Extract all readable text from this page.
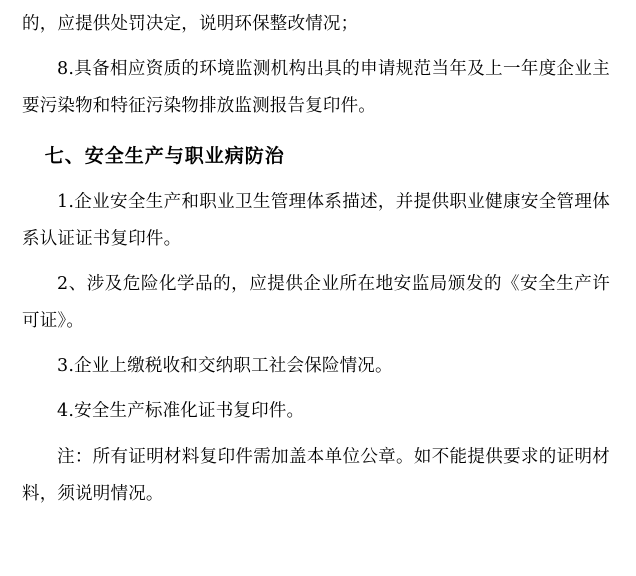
的，应提供处罚决定，说明环保整改情况；

8.具备相应资质的环境监测机构出具的申请规范当年及上一年度企业主要污染物和特征污染物排放监测报告复印件。

七、安全生产与职业病防治

1.企业安全生产和职业卫生管理体系描述，并提供职业健康安全管理体系认证证书复印件。

2、涉及危险化学品的，应提供企业所在地安监局颁发的《安全生产许可证》。

3.企业上缴税收和交纳职工社会保险情况。

4.安全生产标准化证书复印件。

注：所有证明材料复印件需加盖本单位公章。如不能提供要求的证明材料，须说明情况。
